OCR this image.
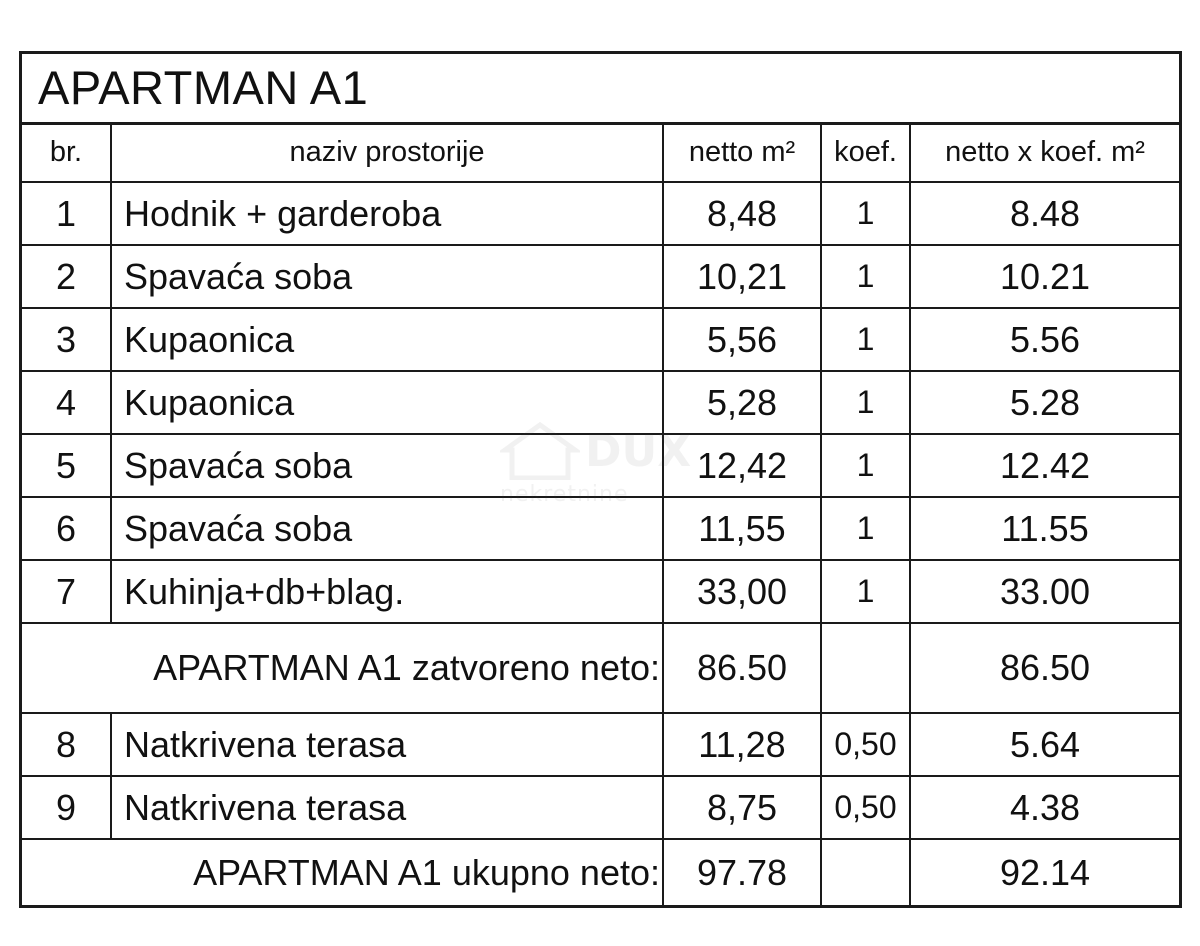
APARTMAN A1				
br.	naziv prostorije	netto m²	koef.	netto x koef. m²
1	Hodnik + garderoba	8,48	1	8.48
2	Spavaća soba	10,21	1	10.21
3	Kupaonica	5,56	1	5.56
4	Kupaonica	5,28	1	5.28
5	Spavaća soba	12,42	1	12.42
6	Spavaća soba	11,55	1	11.55
7	Kuhinja+db+blag.	33,00	1	33.00
APARTMAN A1 zatvoreno neto:		86.50		86.50
8	Natkrivena terasa	11,28	0,50	5.64
9	Natkrivena terasa	8,75	0,50	4.38
APARTMAN A1 ukupno neto:		97.78		92.14
DUX
nekretnine
